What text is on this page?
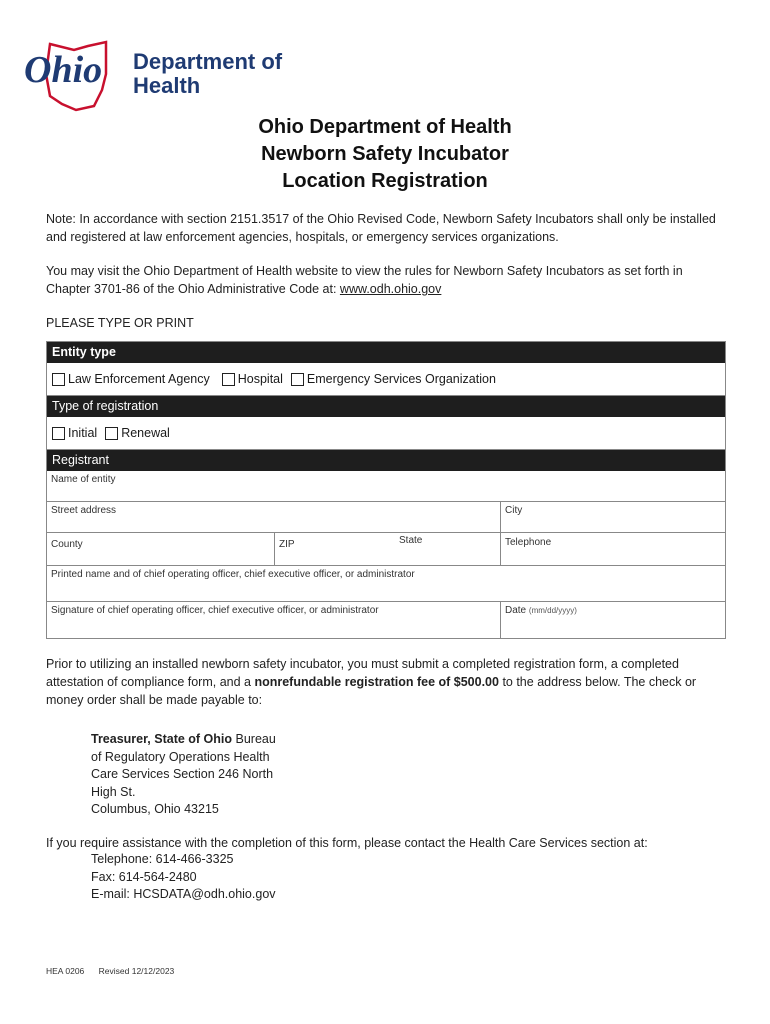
Ohio Department of
Health
Ohio Department of Health
Newborn Safety Incubator
Location Registration
Note: In accordance with section 2151.3517 of the Ohio Revised Code, Newborn Safety Incubators shall only be installed and registered at law enforcement agencies, hospitals, or emergency services organizations.
You may visit the Ohio Department of Health website to view the rules for Newborn Safety Incubators as set forth in Chapter 3701-86 of the Ohio Administrative Code at: www.odh.ohio.gov
PLEASE TYPE OR PRINT
Entity type
Law Enforcement Agency Hospital Emergency Services Organization
Type of registration
Initial Renewal
Registrant
Name of entity
Street address	City
County	ZIP	State	Telephone
Printed name and of chief operating officer, chief executive officer, or administrator
Signature of chief operating officer, chief executive officer, or administrator	Date (mm/dd/yyyy)
Prior to utilizing an installed newborn safety incubator, you must submit a completed registration form, a completed attestation of compliance form, and a nonrefundable registration fee of $500.00 to the address below. The check or money order shall be made payable to:
Treasurer, State of Ohio Bureau
of Regulatory Operations Health
Care Services Section 246 North
High St.
Columbus, Ohio 43215
If you require assistance with the completion of this form, please contact the Health Care Services section at:
Telephone: 614-466-3325
Fax: 614-564-2480
E-mail: HCSDATA@odh.ohio.gov
HEA 0206 Revised 12/12/2023
